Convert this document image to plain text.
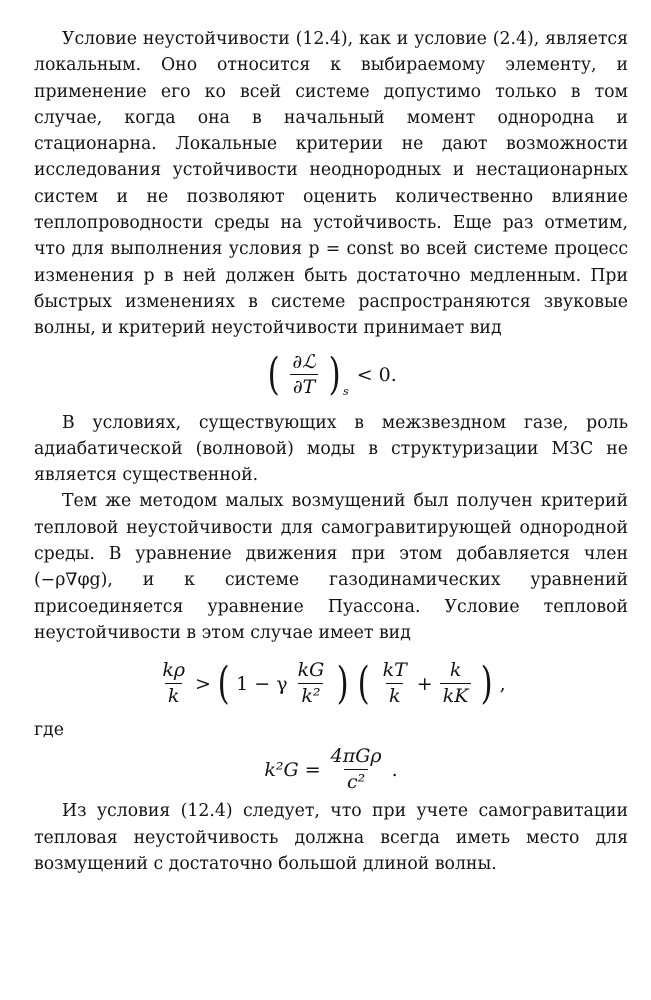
Условие неустойчивости (12.4), как и условие (2.4), является локальным. Оно относится к выбираемому элементу, и применение его ко всей системе допустимо только в том случае, когда она в начальный момент однородна и стационарна. Локальные критерии не дают возможности исследования устойчивости неоднородных и нестационарных систем и не позволяют оценить количественно влияние теплопроводности среды на устойчивость. Еще раз отметим, что для выполнения условия p = const во всей системе процесс изменения p в ней должен быть достаточно медленным. При быстрых изменениях в системе распространяются звуковые волны, и критерий неустойчивости принимает вид

( $\frac{\text{∂ℒ}}{\partial T}$ ) s
< 0.

В условиях, существующих в межзвездном газе, роль адиабатической (волновой) моды в структуризации МЗС не является существенной.

Тем же методом малых возмущений был получен критерий тепловой неустойчивости для самогравитирующей однородной среды. В уравнение движения при этом добавляется член (−ρ∇φg), и к системе газодинамических уравнений присоединяется уравнение Пуассона. Условие тепловой неустойчивости в этом случае имеет вид

$\frac{k\rho}{k}$ > ( 1 − γ $\frac{kG}{\text{k²}}$ ) ( $\frac{kT}{k} + \frac{k}{kK}$ ) ,

где

$k^2G = \frac{\text{4πGρ}}{\text{c²}}$ .

Из условия (12.4) следует, что при учете самогравитации тепловая неустойчивость должна всегда иметь место для возмущений с достаточно большой длиной волны.
